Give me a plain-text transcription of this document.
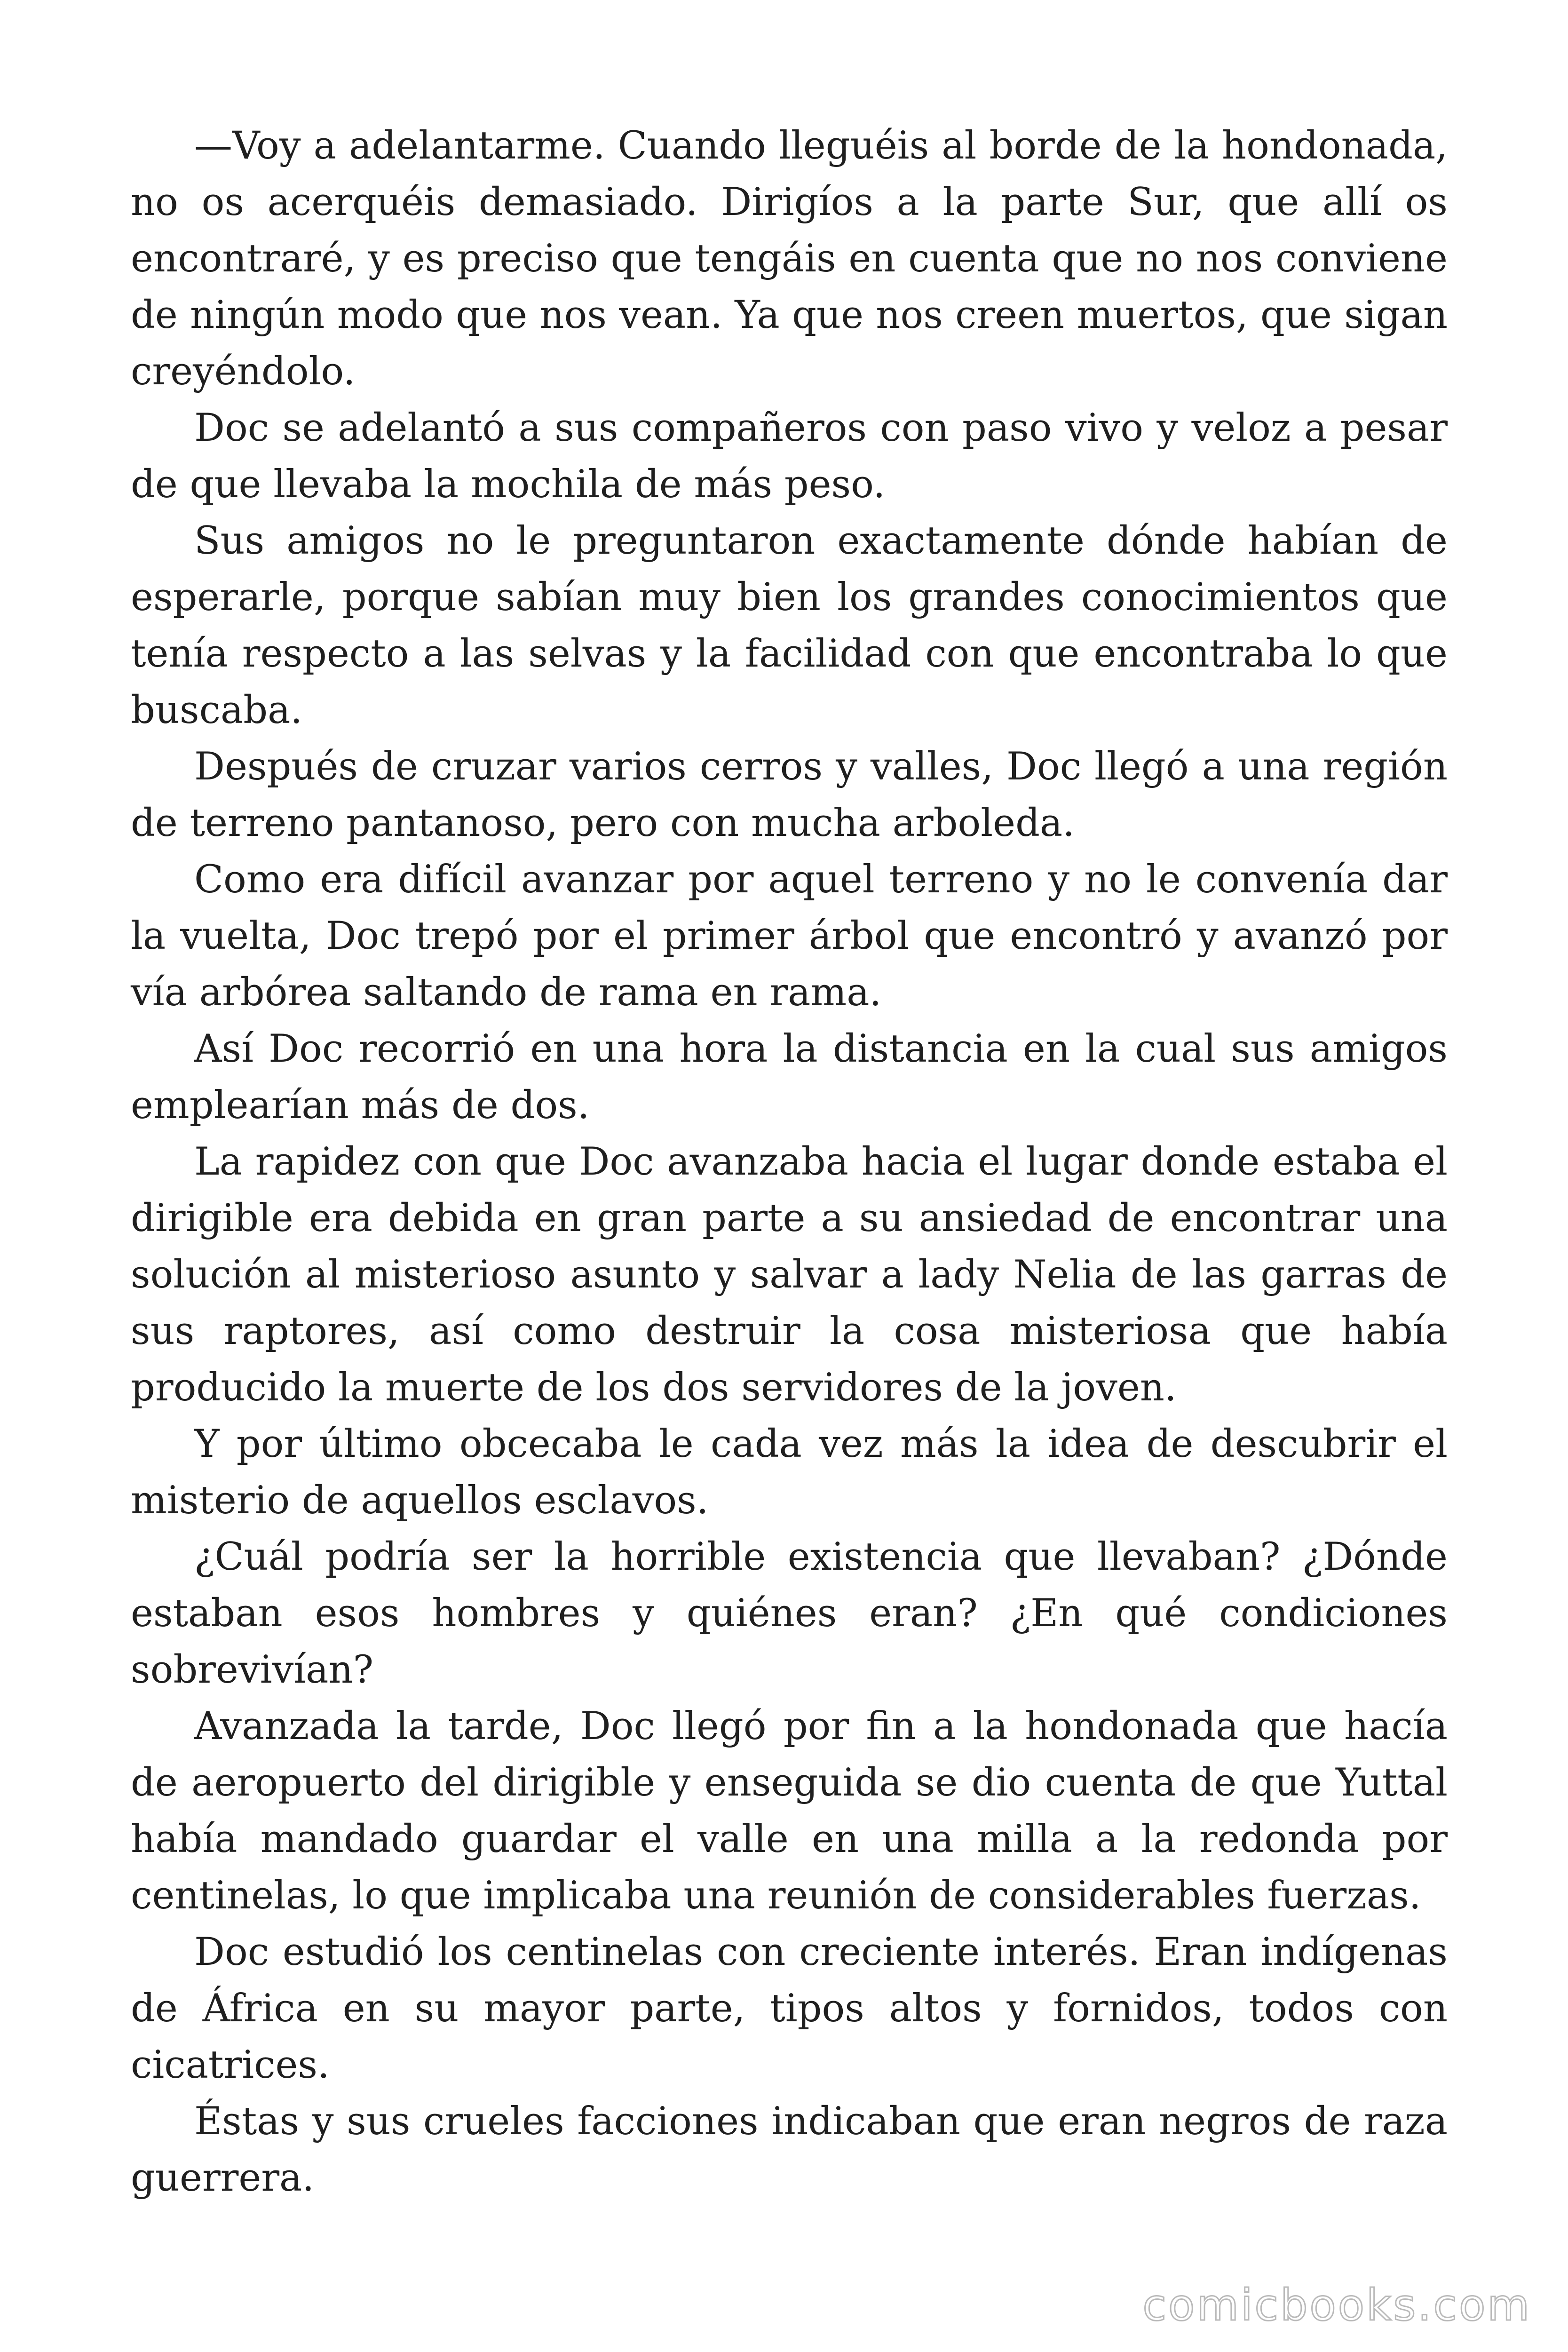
—Voy a adelantarme. Cuando lleguéis al borde de la hondonada, no os acerquéis demasiado. Dirigíos a la parte Sur, que allí os encontraré, y es preciso que tengáis en cuenta que no nos conviene de ningún modo que nos vean. Ya que nos creen muertos, que sigan creyéndolo.

Doc se adelantó a sus compañeros con paso vivo y veloz a pesar de que llevaba la mochila de más peso.

Sus amigos no le preguntaron exactamente dónde habían de esperarle, porque sabían muy bien los grandes conocimientos que tenía respecto a las selvas y la facilidad con que encontraba lo que buscaba.

Después de cruzar varios cerros y valles, Doc llegó a una región de terreno pantanoso, pero con mucha arboleda.

Como era difícil avanzar por aquel terreno y no le convenía dar la vuelta, Doc trepó por el primer árbol que encontró y avanzó por vía arbórea saltando de rama en rama.

Así Doc recorrió en una hora la distancia en la cual sus amigos emplearían más de dos.

La rapidez con que Doc avanzaba hacia el lugar donde estaba el dirigible era debida en gran parte a su ansiedad de encontrar una solución al misterioso asunto y salvar a lady Nelia de las garras de sus raptores, así como destruir la cosa misteriosa que había producido la muerte de los dos servidores de la joven.

Y por último obcecaba le cada vez más la idea de descubrir el misterio de aquellos esclavos.

¿Cuál podría ser la horrible existencia que llevaban? ¿Dónde estaban esos hombres y quiénes eran? ¿En qué condiciones sobrevivían?

Avanzada la tarde, Doc llegó por fin a la hondonada que hacía de aeropuerto del dirigible y enseguida se dio cuenta de que Yuttal había mandado guardar el valle en una milla a la redonda por centinelas, lo que implicaba una reunión de considerables fuerzas.

Doc estudió los centinelas con creciente interés. Eran indígenas de África en su mayor parte, tipos altos y fornidos, todos con cicatrices.

Éstas y sus crueles facciones indicaban que eran negros de raza guerrera.

comicbooks.com
